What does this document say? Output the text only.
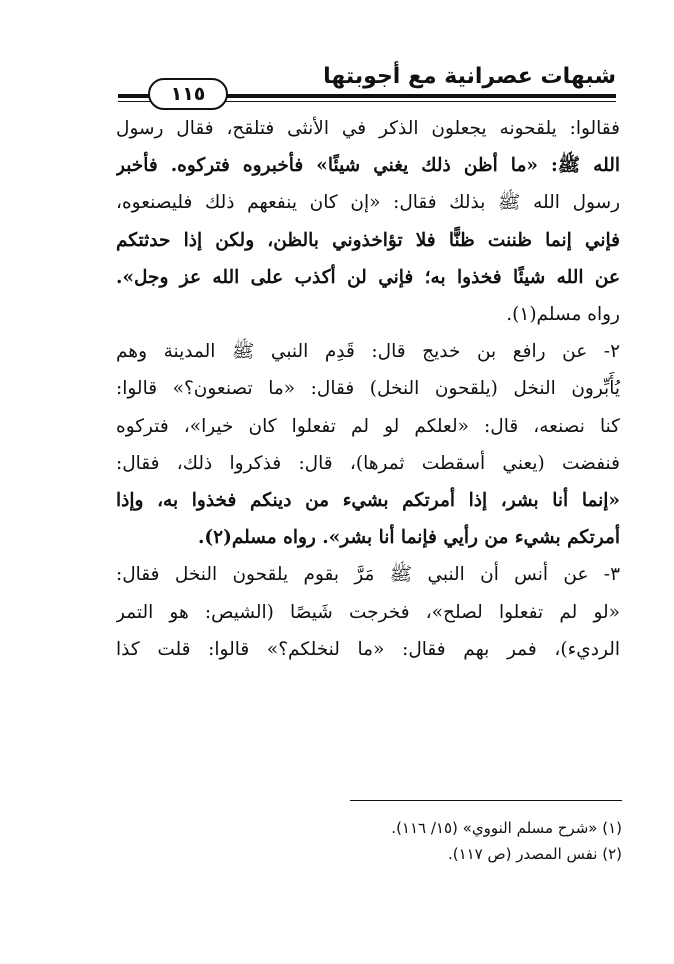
شبهات عصرانية مع أجوبتها
١١٥
فقالوا: يلقحونه يجعلون الذكر في الأنثى فتلقح، فقال رسول
الله ﷺ: «ما أظن ذلك يغني شيئًا» فأخبروه فتركوه. فأخبر
رسول الله ﷺ بذلك فقال: «إن كان ينفعهم ذلك فليصنعوه،
فإني إنما ظننت ظنًّا فلا تؤاخذوني بالظن، ولكن إذا حدثتكم
عن الله شيئًا فخذوا به؛ فإني لن أكذب على الله عز وجل».
رواه مسلم(١).
٢- عن رافع بن خديج قال: قَدِم النبي ﷺ المدينة وهم
يُأَبِّرون النخل (يلقحون النخل) فقال: «ما تصنعون؟» قالوا:
كنا نصنعه، قال: «لعلكم لو لم تفعلوا كان خيرا»، فتركوه
فنفضت (يعني أسقطت ثمرها)، قال: فذكروا ذلك، فقال:
«إنما أنا بشر، إذا أمرتكم بشيء من دينكم فخذوا به، وإذا
أمرتكم بشيء من رأيي فإنما أنا بشر». رواه مسلم(٢).
٣- عن أنس أن النبي ﷺ مَرَّ بقوم يلقحون النخل فقال:
«لو لم تفعلوا لصلح»، فخرجت شَيصًا (الشيص: هو التمر
الرديء)، فمر بهم فقال: «ما لنخلكم؟» قالوا: قلت كذا
(١) «شرح مسلم النووي» (١٥/ ١١٦).
(٢) نفس المصدر (ص ١١٧).
